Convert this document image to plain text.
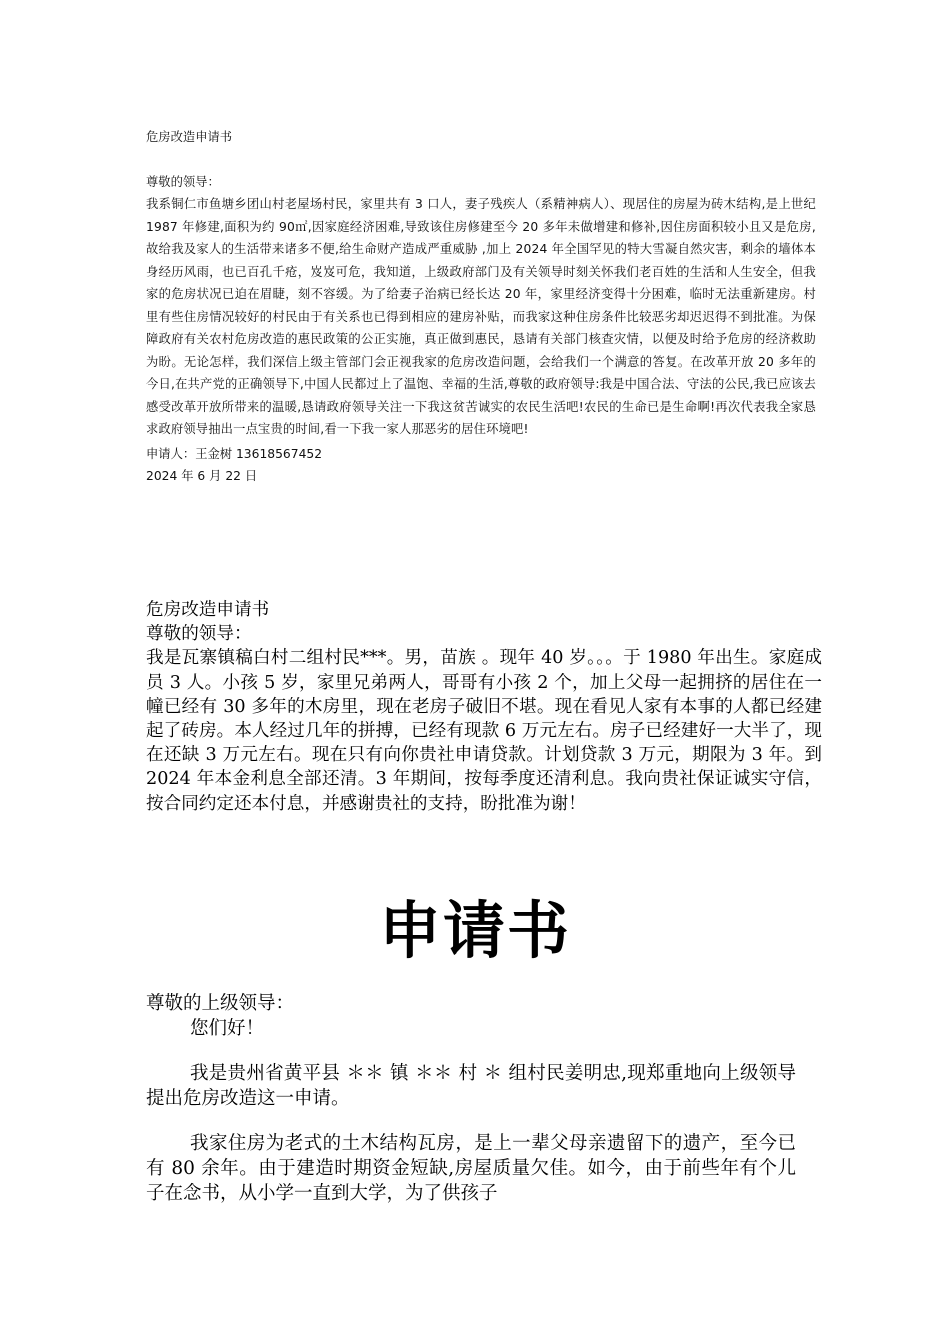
危房改造申请书

尊敬的领导：

我系铜仁市鱼塘乡团山村老屋场村民，家里共有 3 口人，妻子残疾人（系精神病人）、现居住的房屋为砖木结构,是上世纪 1987 年修建,面积为约 90㎡,因家庭经济困难,导致该住房修建至今 20 多年未做增建和修补,因住房面积较小且又是危房,故给我及家人的生活带来诸多不便,给生命财产造成严重威胁 ,加上 2024 年全国罕见的特大雪凝自然灾害，剩余的墙体本身经历风雨，也已百孔千疮，岌岌可危，我知道，上级政府部门及有关领导时刻关怀我们老百姓的生活和人生安全，但我家的危房状况已迫在眉睫，刻不容缓。为了给妻子治病已经长达 20 年，家里经济变得十分困难，临时无法重新建房。村里有些住房情况较好的村民由于有关系也已得到相应的建房补贴，而我家这种住房条件比较恶劣却迟迟得不到批准。为保障政府有关农村危房改造的惠民政策的公正实施，真正做到惠民，恳请有关部门核查灾情，以便及时给予危房的经济救助为盼。无论怎样，我们深信上级主管部门会正视我家的危房改造问题，会给我们一个满意的答复。在改革开放 20 多年的今日,在共产党的正确领导下,中国人民都过上了温饱、幸福的生活,尊敬的政府领导:我是中国合法、守法的公民,我已应该去感受改革开放所带来的温暖,恳请政府领导关注一下我这贫苦诚实的农民生活吧!农民的生命已是生命啊!再次代表我全家恳求政府领导抽出一点宝贵的时间,看一下我一家人那恶劣的居住环境吧!

申请人：王金树 13618567452

2024 年 6 月 22 日

危房改造申请书

尊敬的领导：

我是瓦寨镇稿白村二组村民***。男，苗族 。现年 40 岁。。。于 1980 年出生。家庭成员 3 人。小孩 5 岁，家里兄弟两人，哥哥有小孩 2 个，加上父母一起拥挤的居住在一幢已经有 30 多年的木房里，现在老房子破旧不堪。现在看见人家有本事的人都已经建起了砖房。本人经过几年的拼搏，已经有现款 6 万元左右。房子已经建好一大半了，现在还缺 3 万元左右。现在只有向你贵社申请贷款。计划贷款 3 万元，期限为 3 年。到 2024 年本金利息全部还清。3 年期间，按每季度还清利息。我向贵社保证诚实守信，按合同约定还本付息，并感谢贵社的支持，盼批准为谢！

申请书

尊敬的上级领导：

您们好！

我是贵州省黄平县 ＊＊ 镇 ＊＊ 村 ＊ 组村民姜明忠,现郑重地向上级领导提出危房改造这一申请。

我家住房为老式的土木结构瓦房，是上一辈父母亲遗留下的遗产，至今已有 80 余年。由于建造时期资金短缺,房屋质量欠佳。如今，由于前些年有个儿子在念书，从小学一直到大学，为了供孩子
